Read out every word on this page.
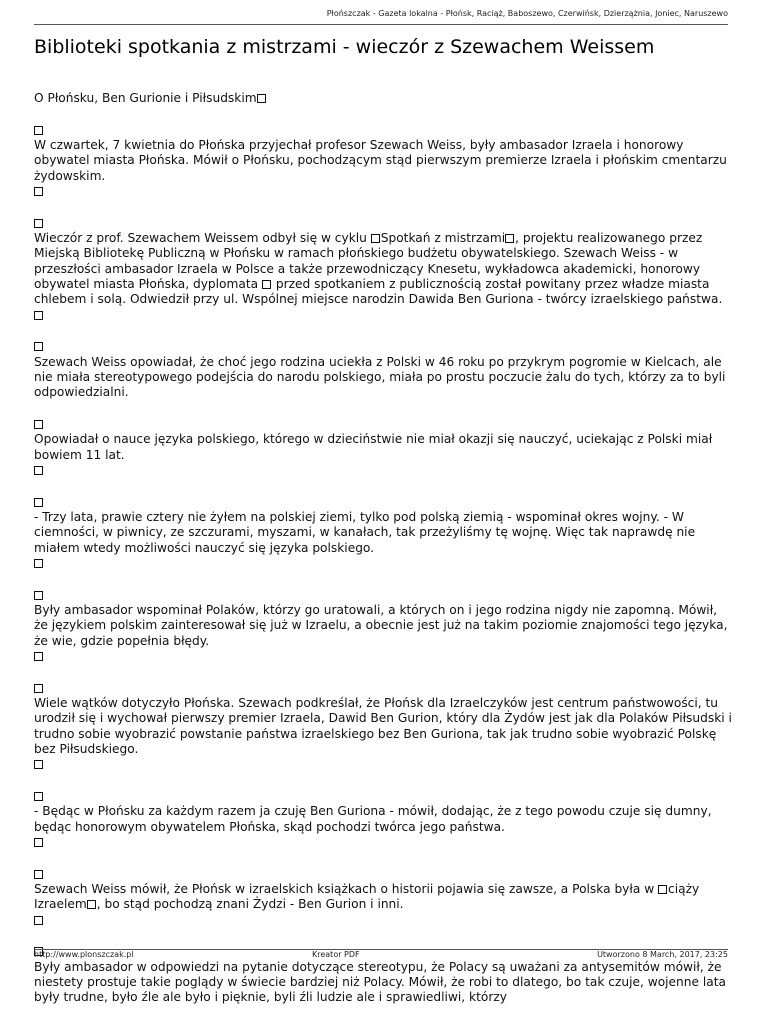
Płońszczak - Gazeta lokalna - Płońsk, Raciąż, Baboszewo, Czerwińsk, Dzierzążnia, Joniec, Naruszewo
Biblioteki spotkania z mistrzami - wieczór z Szewachem Weissem
O Płońsku, Ben Gurionie i Piłsudskim

W czwartek, 7 kwietnia do Płońska przyjechał profesor Szewach Weiss, były ambasador Izraela i honorowy obywatel miasta Płońska. Mówił o Płońsku, pochodzącym stąd pierwszym premierze Izraela i płońskim cmentarzu żydowskim.

Wieczór z prof. Szewachem Weissem odbył się w cyklu Spotkań z mistrzami , projektu realizowanego przez Miejską Bibliotekę Publiczną w Płońsku w ramach płońskiego budżetu obywatelskiego. Szewach Weiss - w przeszłości ambasador Izraela w Polsce a także przewodniczący Knesetu, wykładowca akademicki, honorowy obywatel miasta Płońska, dyplomata  przed spotkaniem z publicznością został powitany przez władze miasta chlebem i solą. Odwiedził przy ul. Wspólnej miejsce narodzin Dawida Ben Guriona - twórcy izraelskiego państwa.

Szewach Weiss opowiadał, że choć jego rodzina uciekła z Polski w 46 roku po przykrym pogromie w Kielcach, ale nie miała stereotypowego podejścia do narodu polskiego, miała po prostu poczucie żalu do tych, którzy za to byli odpowiedzialni.

Opowiadał o nauce języka polskiego, którego w dzieciństwie nie miał okazji się nauczyć, uciekając z Polski miał bowiem 11 lat.

- Trzy lata, prawie cztery nie żyłem na polskiej ziemi, tylko pod polską ziemią - wspominał okres wojny. - W ciemności, w piwnicy, ze szczurami, myszami, w kanałach, tak przeżyliśmy tę wojnę. Więc tak naprawdę nie miałem wtedy możliwości nauczyć się języka polskiego.

Były ambasador wspominał Polaków, którzy go uratowali, a których on i jego rodzina nigdy nie zapomną. Mówił, że językiem polskim zainteresował się już w Izraelu, a obecnie jest już na takim poziomie znajomości tego języka, że wie, gdzie popełnia błędy.

Wiele wątków dotyczyło Płońska. Szewach podkreślał, że Płońsk dla Izraelczyków jest centrum państwowości, tu urodził się i wychował pierwszy premier Izraela, Dawid Ben Gurion, który dla Żydów jest jak dla Polaków Piłsudski i trudno sobie wyobrazić powstanie państwa izraelskiego bez Ben Guriona, tak jak trudno sobie wyobrazić Polskę bez Piłsudskiego.

- Będąc w Płońsku za każdym razem ja czuję Ben Guriona - mówił, dodając, że z tego powodu czuje się dumny, będąc honorowym obywatelem Płońska, skąd pochodzi twórca jego państwa.

Szewach Weiss mówił, że Płońsk w izraelskich książkach o historii pojawia się zawsze, a Polska była w ciąży Izraelem , bo stąd pochodzą znani Żydzi - Ben Gurion i inni.

Były ambasador w odpowiedzi na pytanie dotyczące stereotypu, że Polacy są uważani za antysemitów mówił, że niestety prostuje takie poglądy w świecie bardziej niż Polacy. Mówił, że robi to dlatego, bo tak czuje, wojenne lata były trudne, było źle ale było i pięknie, byli źli ludzie ale i sprawiedliwi, którzy
http://www.plonszczak.pl	Kreator PDF	Utworzono 8 March, 2017, 23:25
